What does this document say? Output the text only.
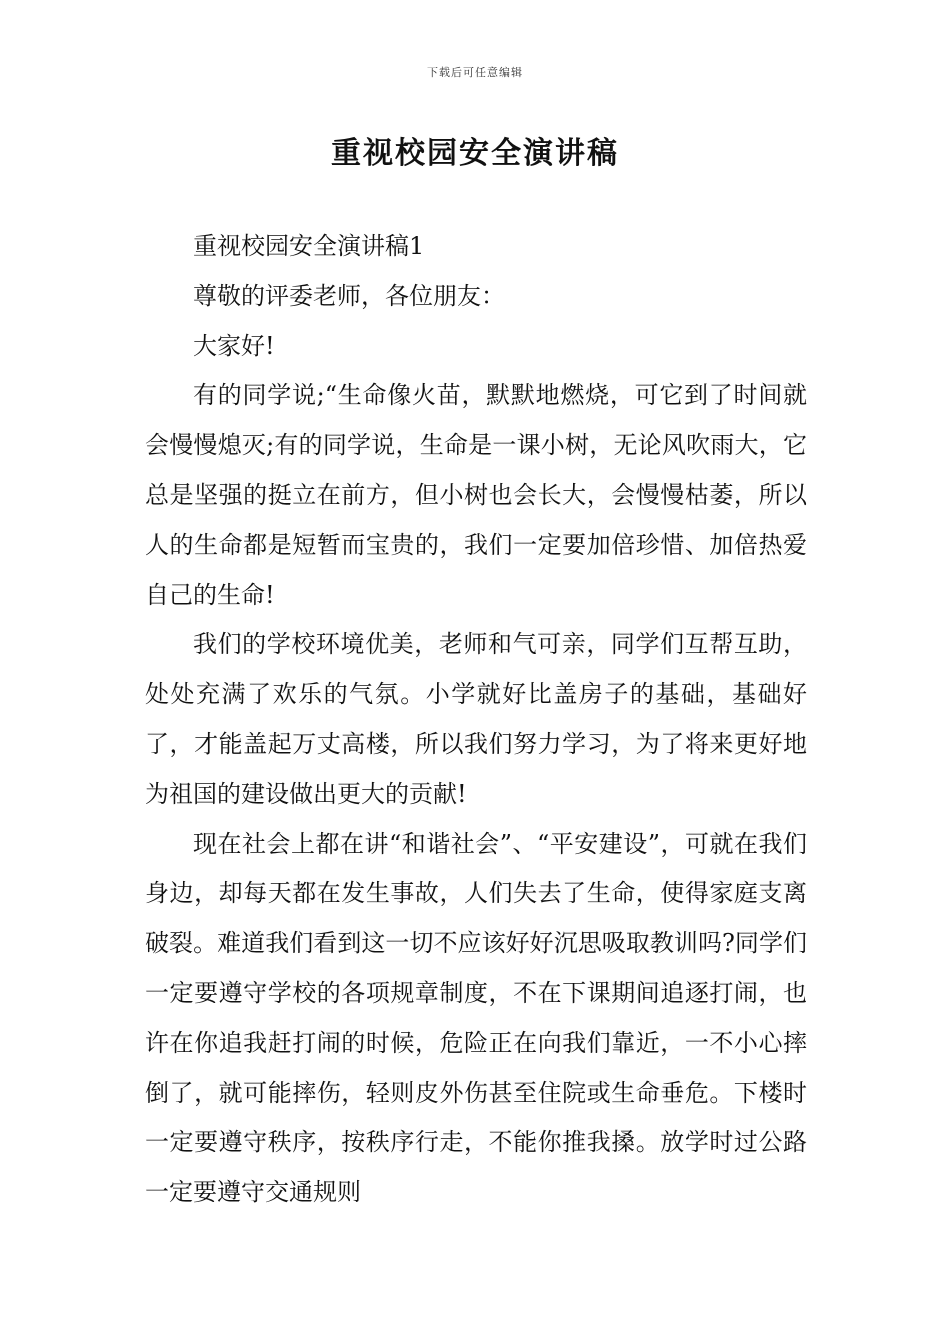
下载后可任意编辑
重视校园安全演讲稿

重视校园安全演讲稿1

尊敬的评委老师，各位朋友：

大家好!

有的同学说;“生命像火苗，默默地燃烧，可它到了时间就会慢慢熄灭;有的同学说，生命是一课小树，无论风吹雨大，它总是坚强的挺立在前方，但小树也会长大，会慢慢枯萎，所以人的生命都是短暂而宝贵的，我们一定要加倍珍惜、加倍热爱自己的生命!

我们的学校环境优美，老师和气可亲，同学们互帮互助，处处充满了欢乐的气氛。小学就好比盖房子的基础，基础好了，才能盖起万丈高楼，所以我们努力学习，为了将来更好地为祖国的建设做出更大的贡献!

现在社会上都在讲“和谐社会”、“平安建设”，可就在我们身边，却每天都在发生事故，人们失去了生命，使得家庭支离破裂。难道我们看到这一切不应该好好沉思吸取教训吗?同学们一定要遵守学校的各项规章制度，不在下课期间追逐打闹，也许在你追我赶打闹的时候，危险正在向我们靠近，一不小心摔倒了，就可能摔伤，轻则皮外伤甚至住院或生命垂危。下楼时一定要遵守秩序，按秩序行走，不能你推我搡。放学时过公路一定要遵守交通规则
